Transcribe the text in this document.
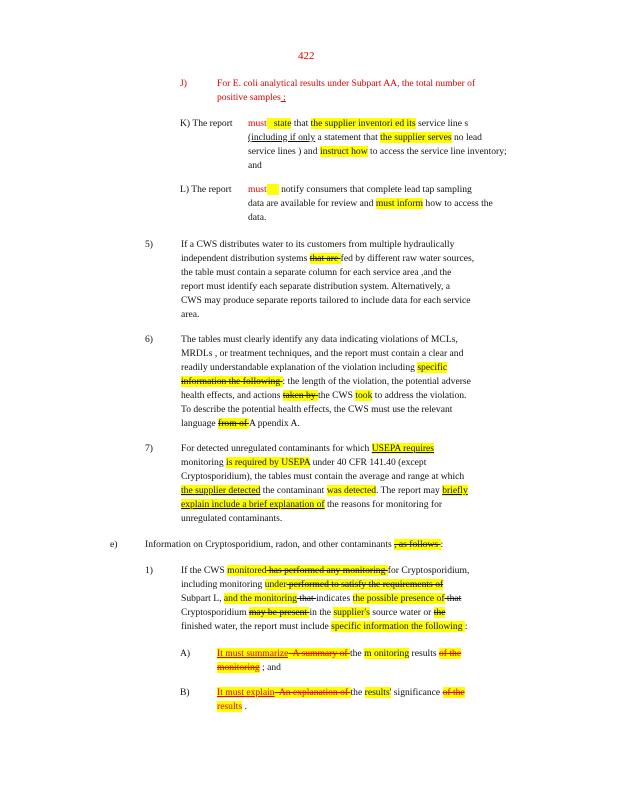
422
J)	For E. coli analytical results under Subpart AA, the total number of
positive samples ;
K) The report must   state that the supplier inventori ed its service line s
(including if only a statement that the supplier serves no lead
service lines ) and instruct how to access the service line inventory;
and
L) The report must      notify consumers that complete lead tap sampling
data are available for review and must inform how to access the
data.
5)	If a CWS distributes water to its customers from multiple hydraulically
independent distribution systems that are fed by different raw water sources,
the table must contain a separate column for each service area ,and the
report must identify each separate distribution system. Alternatively, a
CWS may produce separate reports tailored to include data for each service
area.
6)	The tables must clearly identify any data indicating violations of MCLs,
MRDLs , or treatment techniques, and the report must contain a clear and
readily understandable explanation of the violation including specific
information the following : the length of the violation, the potential adverse
health effects, and actions taken by the CWS took to address the violation.
To describe the potential health effects, the CWS must use the relevant
language from of A ppendix A.
7)	For detected unregulated contaminants for which USEPA requires
monitoring is required by USEPA under 40 CFR 141.40 (except
Cryptosporidium), the tables must contain the average and range at which
the supplier detected the contaminant was detected. The report may briefly
explain include a brief explanation of the reasons for monitoring for
unregulated contaminants.
e)	Information on Cryptosporidium, radon, and other contaminants , as follows :
1)	If the CWS monitored has performed any monitoring for Cryptosporidium,
including monitoring under performed to satisfy the requirements of
Subpart L, and the monitoring that indicates the possible presence of that
Cryptosporidium may be present in the supplier's source water or the
finished water, the report must include specific information the following :
A)	It must summarize  A summary of the m onitoring results of the
monitoring ; and
B)	It must explain  An explanation of the results' significance of the
results .
